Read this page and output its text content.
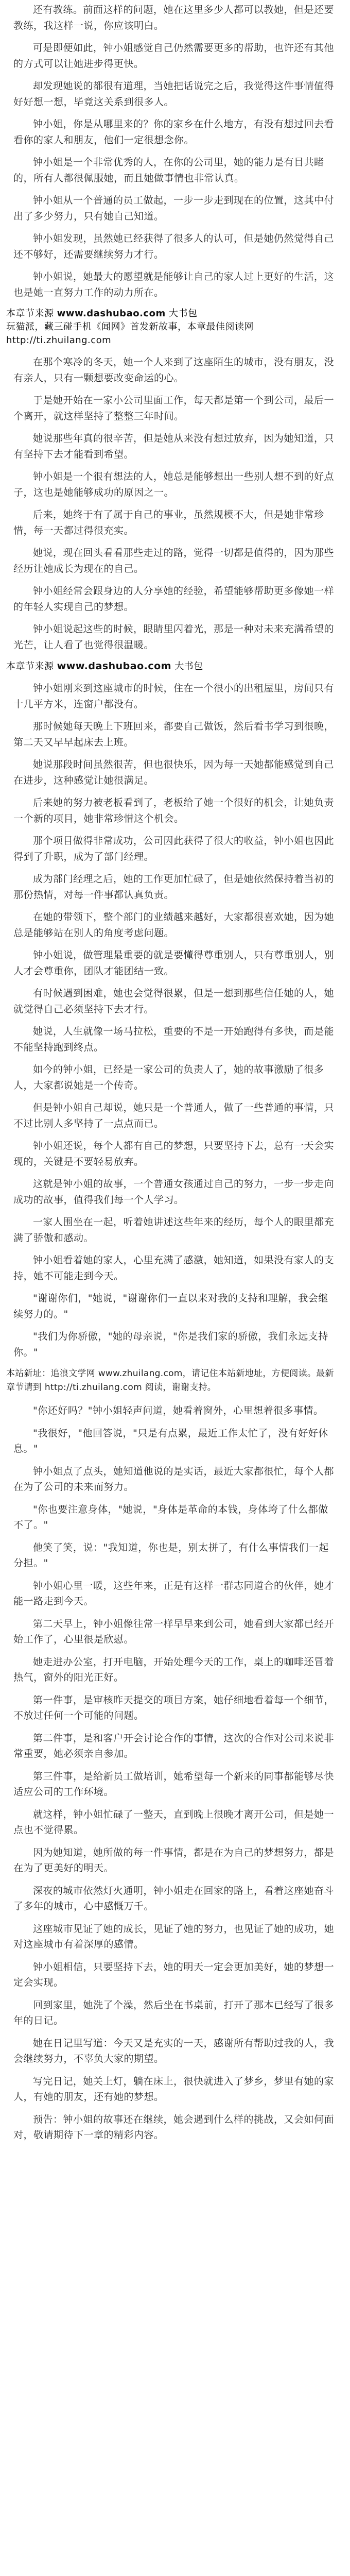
还有教练。前面这样的问题，她在这里多少人都可以教她，但是还要教练，我这样一说，你应该明白。

可是即便如此，钟小姐感觉自己仍然需要更多的帮助，也许还有其他的方式可以让她进步得更快。

却发现她说的都很有道理，当她把话说完之后，我觉得这件事情值得好好想一想，毕竟这关系到很多人。

钟小姐，你是从哪里来的？你的家乡在什么地方，有没有想过回去看看你的家人和朋友，他们一定很想念你。

钟小姐是一个非常优秀的人，在你的公司里，她的能力是有目共睹的，所有人都很佩服她，而且她做事情也非常认真。

钟小姐从一个普通的员工做起，一步一步走到现在的位置，这其中付出了多少努力，只有她自己知道。

钟小姐发现，虽然她已经获得了很多人的认可，但是她仍然觉得自己还不够好，还需要继续努力才行。

钟小姐说，她最大的愿望就是能够让自己的家人过上更好的生活，这也是她一直努力工作的动力所在。

本章节来源 www.dashubao.com 大书包
玩猫派，藏三碰手机《闻网》首发新故事，本章最佳阅读网 http://ti.zhuilang.com

在那个寒冷的冬天，她一个人来到了这座陌生的城市，没有朋友，没有亲人，只有一颗想要改变命运的心。

于是她开始在一家小公司里面工作，每天都是第一个到公司，最后一个离开，就这样坚持了整整三年时间。

她说那些年真的很辛苦，但是她从来没有想过放弃，因为她知道，只有坚持下去才能看到希望。

钟小姐是一个很有想法的人，她总是能够想出一些别人想不到的好点子，这也是她能够成功的原因之一。

后来，她终于有了属于自己的事业，虽然规模不大，但是她非常珍惜，每一天都过得很充实。

她说，现在回头看看那些走过的路，觉得一切都是值得的，因为那些经历让她成长为现在的自己。

钟小姐经常会跟身边的人分享她的经验，希望能够帮助更多像她一样的年轻人实现自己的梦想。

钟小姐说起这些的时候，眼睛里闪着光，那是一种对未来充满希望的光芒，让人看了也觉得很温暖。

本章节来源 www.dashubao.com 大书包

钟小姐刚来到这座城市的时候，住在一个很小的出租屋里，房间只有十几平方米，连窗户都没有。

那时候她每天晚上下班回来，都要自己做饭，然后看书学习到很晚，第二天又早早起床去上班。

她说那段时间虽然很苦，但也很快乐，因为每一天她都能感觉到自己在进步，这种感觉让她很满足。

后来她的努力被老板看到了，老板给了她一个很好的机会，让她负责一个新的项目，她非常珍惜这个机会。

那个项目做得非常成功，公司因此获得了很大的收益，钟小姐也因此得到了升职，成为了部门经理。

成为部门经理之后，她的工作更加忙碌了，但是她依然保持着当初的那份热情，对每一件事都认真负责。

在她的带领下，整个部门的业绩越来越好，大家都很喜欢她，因为她总是能够站在别人的角度考虑问题。

钟小姐说，做管理最重要的就是要懂得尊重别人，只有尊重别人，别人才会尊重你，团队才能团结一致。

有时候遇到困难，她也会觉得很累，但是一想到那些信任她的人，她就觉得自己必须坚持下去才行。

她说，人生就像一场马拉松，重要的不是一开始跑得有多快，而是能不能坚持跑到终点。

如今的钟小姐，已经是一家公司的负责人了，她的故事激励了很多人，大家都说她是一个传奇。

但是钟小姐自己却说，她只是一个普通人，做了一些普通的事情，只不过比别人多坚持了一点点而已。

钟小姐还说，每个人都有自己的梦想，只要坚持下去，总有一天会实现的，关键是不要轻易放弃。

这就是钟小姐的故事，一个普通女孩通过自己的努力，一步一步走向成功的故事，值得我们每一个人学习。

一家人围坐在一起，听着她讲述这些年来的经历，每个人的眼里都充满了骄傲和感动。

钟小姐看着她的家人，心里充满了感激，她知道，如果没有家人的支持，她不可能走到今天。

"谢谢你们，"她说，"谢谢你们一直以来对我的支持和理解，我会继续努力的。"

"我们为你骄傲，"她的母亲说，"你是我们家的骄傲，我们永远支持你。"

本站新址：追浪文学网 www.zhuilang.com，请记住本站新地址，方便阅读。最新章节请到 http://ti.zhuilang.com 阅读，谢谢支持。

"你还好吗？"钟小姐轻声问道，她看着窗外，心里想着很多事情。

"我很好，"他回答说，"只是有点累，最近工作太忙了，没有好好休息。"

钟小姐点了点头，她知道他说的是实话，最近大家都很忙，每个人都在为了公司的未来而努力。

"你也要注意身体，"她说，"身体是革命的本钱，身体垮了什么都做不了。"

他笑了笑，说："我知道，你也是，别太拼了，有什么事情我们一起分担。"

钟小姐心里一暖，这些年来，正是有这样一群志同道合的伙伴，她才能一路走到今天。

第二天早上，钟小姐像往常一样早早来到公司，她看到大家都已经开始工作了，心里很是欣慰。

她走进办公室，打开电脑，开始处理今天的工作，桌上的咖啡还冒着热气，窗外的阳光正好。

第一件事，是审核昨天提交的项目方案，她仔细地看着每一个细节，不放过任何一个可能的问题。

第二件事，是和客户开会讨论合作的事情，这次的合作对公司来说非常重要，她必须亲自参加。

第三件事，是给新员工做培训，她希望每一个新来的同事都能够尽快适应公司的工作环境。

就这样，钟小姐忙碌了一整天，直到晚上很晚才离开公司，但是她一点也不觉得累。

因为她知道，她所做的每一件事情，都是在为自己的梦想努力，都是在为了更美好的明天。

深夜的城市依然灯火通明，钟小姐走在回家的路上，看着这座她奋斗了多年的城市，心中感慨万千。

这座城市见证了她的成长，见证了她的努力，也见证了她的成功，她对这座城市有着深厚的感情。

钟小姐相信，只要坚持下去，她的明天一定会更加美好，她的梦想一定会实现。

回到家里，她洗了个澡，然后坐在书桌前，打开了那本已经写了很多年的日记。

她在日记里写道：今天又是充实的一天，感谢所有帮助过我的人，我会继续努力，不辜负大家的期望。

写完日记，她关上灯，躺在床上，很快就进入了梦乡，梦里有她的家人，有她的朋友，还有她的梦想。

预告：钟小姐的故事还在继续，她会遇到什么样的挑战，又会如何面对，敬请期待下一章的精彩内容。
